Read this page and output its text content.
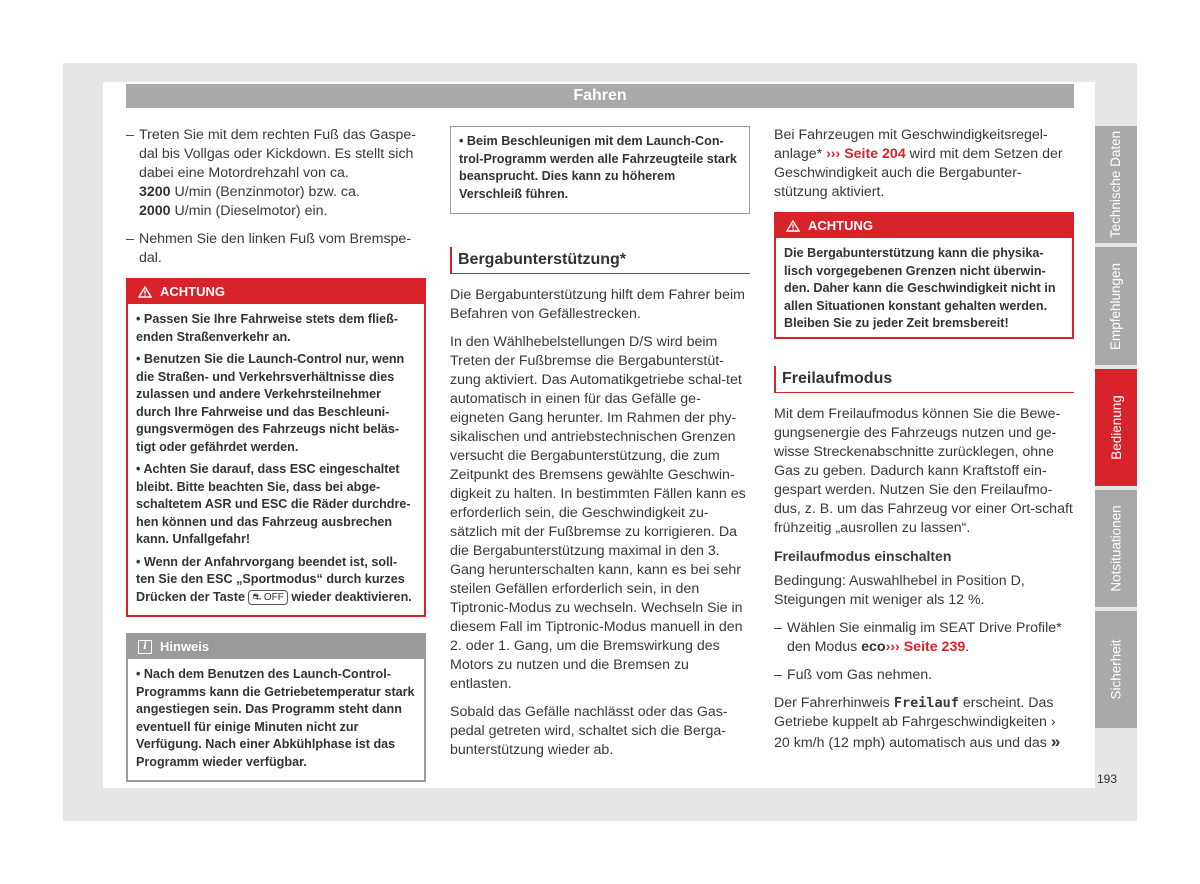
Fahren
– Treten Sie mit dem rechten Fuß das Gaspe-dal bis Vollgas oder Kickdown. Es stellt sich dabei eine Motordrehzahl von ca.
3200 U/min (Benzinmotor) bzw. ca.
2000 U/min (Dieselmotor) ein.
– Nehmen Sie den linken Fuß vom Bremspe-dal.
ACHTUNG
• Passen Sie Ihre Fahrweise stets dem fließ-enden Straßenverkehr an.
• Benutzen Sie die Launch-Control nur, wenn die Straßen- und Verkehrsverhältnisse dies zulassen und andere Verkehrsteilnehmer durch Ihre Fahrweise und das Beschleuni-gungsvermögen des Fahrzeugs nicht beläs-tigt oder gefährdet werden.
• Achten Sie darauf, dass ESC eingeschaltet bleibt. Bitte beachten Sie, dass bei abge-schaltetem ASR und ESC die Räder durchdre-hen können und das Fahrzeug ausbrechen kann. Unfallgefahr!
• Wenn der Anfahrvorgang beendet ist, soll-ten Sie den ESC „Sportmodus“ durch kurzes Drücken der Taste ⛐ OFF wieder deaktivieren.
i	Hinweis
• Nach dem Benutzen des Launch-Control-Programms kann die Getriebetemperatur stark angestiegen sein. Das Programm steht dann eventuell für einige Minuten nicht zur Verfügung. Nach einer Abkühlphase ist das Programm wieder verfügbar.
• Beim Beschleunigen mit dem Launch-Con-trol-Programm werden alle Fahrzeugteile stark beansprucht. Dies kann zu höherem Verschleiß führen.
Bergabunterstützung*
Die Bergabunterstützung hilft dem Fahrer beim Befahren von Gefällestrecken.
In den Wählhebelstellungen D/S wird beim Treten der Fußbremse die Bergabunterstüt-zung aktiviert. Das Automatikgetriebe schal-tet automatisch in einen für das Gefälle ge-eigneten Gang herunter. Im Rahmen der phy-sikalischen und antriebstechnischen Grenzen versucht die Bergabunterstützung, die zum Zeitpunkt des Bremsens gewählte Geschwin-digkeit zu halten. In bestimmten Fällen kann es erforderlich sein, die Geschwindigkeit zu-sätzlich mit der Fußbremse zu korrigieren. Da die Bergabunterstützung maximal in den 3. Gang herunterschalten kann, kann es bei sehr steilen Gefällen erforderlich sein, in den Tiptronic-Modus zu wechseln. Wechseln Sie in diesem Fall im Tiptronic-Modus manuell in den 2. oder 1. Gang, um die Bremswirkung des Motors zu nutzen und die Bremsen zu entlasten.
Sobald das Gefälle nachlässt oder das Gas-pedal getreten wird, schaltet sich die Berga-bunterstützung wieder ab.
Bei Fahrzeugen mit Geschwindigkeitsregel-anlage* ››› Seite 204 wird mit dem Setzen der Geschwindigkeit auch die Bergabunter-stützung aktiviert.
ACHTUNG
Die Bergabunterstützung kann die physika-lisch vorgegebenen Grenzen nicht überwin-den. Daher kann die Geschwindigkeit nicht in allen Situationen konstant gehalten werden. Bleiben Sie zu jeder Zeit bremsbereit!
Freilaufmodus
Mit dem Freilaufmodus können Sie die Bewe-gungsenergie des Fahrzeugs nutzen und ge-wisse Streckenabschnitte zurücklegen, ohne Gas zu geben. Dadurch kann Kraftstoff ein-gespart werden. Nutzen Sie den Freilaufmo-dus, z. B. um das Fahrzeug vor einer Ort-schaft frühzeitig „ausrollen zu lassen“.
Freilaufmodus einschalten
Bedingung: Auswahlhebel in Position D, Steigungen mit weniger als 12 %.
– Wählen Sie einmalig im SEAT Drive Profile* den Modus eco››› Seite 239.
– Fuß vom Gas nehmen.
Der Fahrerhinweis Freilauf erscheint. Das Getriebe kuppelt ab Fahrgeschwindigkeiten › 20 km/h (12 mph) automatisch aus und das »
Technische Daten
Empfehlungen
Bedienung
Notsituationen
Sicherheit
193
